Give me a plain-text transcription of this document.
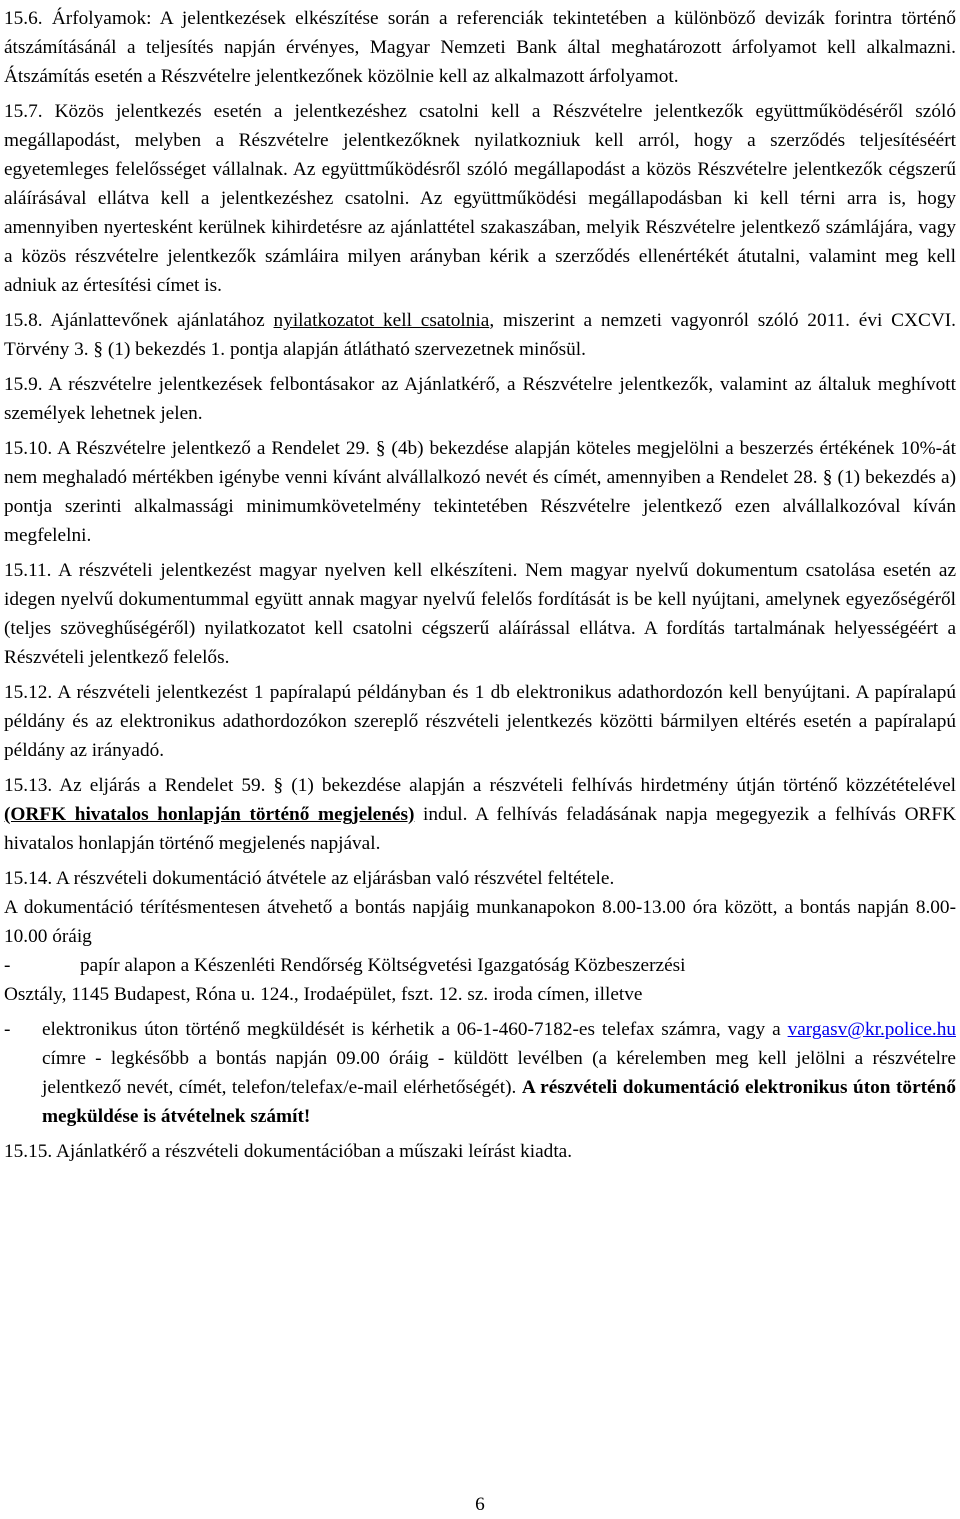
15.6. Árfolyamok: A jelentkezések elkészítése során a referenciák tekintetében a különböző devizák forintra történő átszámításánál a teljesítés napján érvényes, Magyar Nemzeti Bank által meghatározott árfolyamot kell alkalmazni. Átszámítás esetén a Részvételre jelentkezőnek közölnie kell az alkalmazott árfolyamot.

15.7. Közös jelentkezés esetén a jelentkezéshez csatolni kell a Részvételre jelentkezők együttműködéséről szóló megállapodást, melyben a Részvételre jelentkezőknek nyilatkozniuk kell arról, hogy a szerződés teljesítéséért egyetemleges felelősséget vállalnak. Az együttműködésről szóló megállapodást a közös Részvételre jelentkezők cégszerű aláírásával ellátva kell a jelentkezéshez csatolni. Az együttműködési megállapodásban ki kell térni arra is, hogy amennyiben nyertesként kerülnek kihirdetésre az ajánlattétel szakaszában, melyik Részvételre jelentkező számlájára, vagy a közös részvételre jelentkezők számláira milyen arányban kérik a szerződés ellenértékét átutalni, valamint meg kell adniuk az értesítési címet is.

15.8. Ajánlattevőnek ajánlatához nyilatkozatot kell csatolnia, miszerint a nemzeti vagyonról szóló 2011. évi CXCVI. Törvény 3. § (1) bekezdés 1. pontja alapján átlátható szervezetnek minősül.

15.9. A részvételre jelentkezések felbontásakor az Ajánlatkérő, a Részvételre jelentkezők, valamint az általuk meghívott személyek lehetnek jelen.

15.10. A Részvételre jelentkező a Rendelet 29. § (4b) bekezdése alapján köteles megjelölni a beszerzés értékének 10%-át nem meghaladó mértékben igénybe venni kívánt alvállalkozó nevét és címét, amennyiben a Rendelet 28. § (1) bekezdés a) pontja szerinti alkalmassági minimumkövetelmény tekintetében Részvételre jelentkező ezen alvállalkozóval kíván megfelelni.

15.11. A részvételi jelentkezést magyar nyelven kell elkészíteni. Nem magyar nyelvű dokumentum csatolása esetén az idegen nyelvű dokumentummal együtt annak magyar nyelvű felelős fordítását is be kell nyújtani, amelynek egyezőségéről (teljes szöveghűségéről) nyilatkozatot kell csatolni cégszerű aláírással ellátva. A fordítás tartalmának helyességéért a Részvételi jelentkező felelős.

15.12. A részvételi jelentkezést 1 papíralapú példányban és 1 db elektronikus adathordozón kell benyújtani. A papíralapú példány és az elektronikus adathordozókon szereplő részvételi jelentkezés közötti bármilyen eltérés esetén a papíralapú példány az irányadó.

15.13. Az eljárás a Rendelet 59. § (1) bekezdése alapján a részvételi felhívás hirdetmény útján történő közzétételével (ORFK hivatalos honlapján történő megjelenés) indul. A felhívás feladásának napja megegyezik a felhívás ORFK hivatalos honlapján történő megjelenés napjával.

15.14. A részvételi dokumentáció átvétele az eljárásban való részvétel feltétele.

A dokumentáció térítésmentesen átvehető a bontás napjáig munkanapokon 8.00-13.00 óra között, a bontás napján 8.00-10.00 óráig

-	papír alapon a Készenléti Rendőrség Költségvetési Igazgatóság Közbeszerzési

Osztály, 1145 Budapest, Róna u. 124., Irodaépület, fszt. 12. sz. iroda címen, illetve

-	elektronikus úton történő megküldését is kérhetik a 06-1-460-7182-es telefax számra, vagy a vargasv@kr.police.hu címre - legkésőbb a bontás napján 09.00 óráig - küldött levélben (a kérelemben meg kell jelölni a részvételre jelentkező nevét, címét, telefon/telefax/e-mail elérhetőségét). A részvételi dokumentáció elektronikus úton történő megküldése is átvételnek számít!

15.15. Ajánlatkérő a részvételi dokumentációban a műszaki leírást kiadta.

6
